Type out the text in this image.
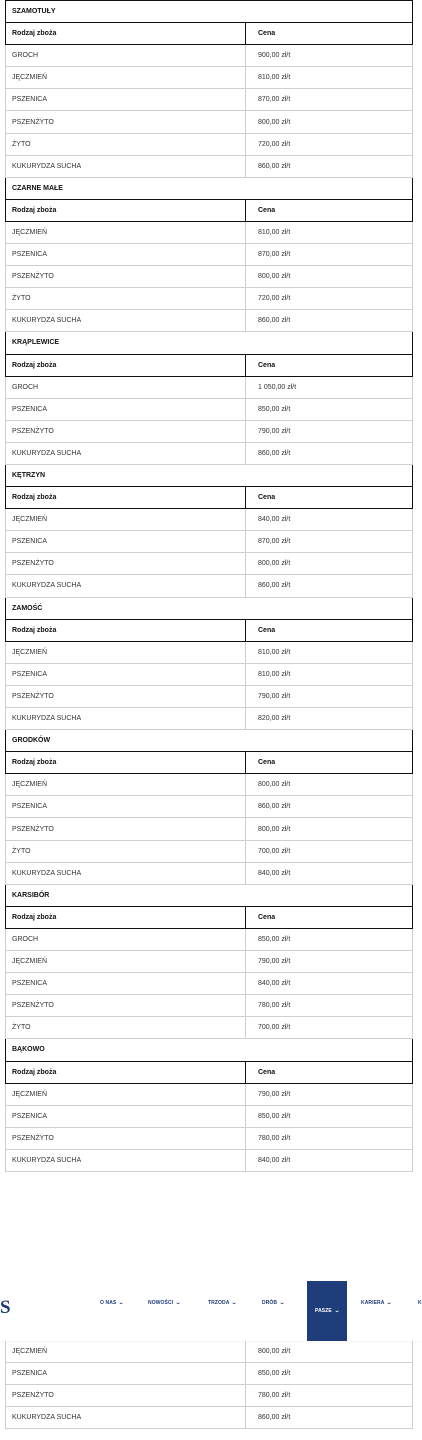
SZAMOTUŁY	
Rodzaj zboża	Cena
GROCH	900,00 zł/t
JĘCZMIEŃ	810,00 zł/t
PSZENICA	870,00 zł/t
PSZENŻYTO	800,00 zł/t
ŻYTO	720,00 zł/t
KUKURYDZA SUCHA	860,00 zł/t
CZARNE MAŁE	
Rodzaj zboża	Cena
JĘCZMIEŃ	810,00 zł/t
PSZENICA	870,00 zł/t
PSZENŻYTO	800,00 zł/t
ŻYTO	720,00 zł/t
KUKURYDZA SUCHA	860,00 zł/t
KRĄPLEWICE	
Rodzaj zboża	Cena
GROCH	1 050,00 zł/t
PSZENICA	850,00 zł/t
PSZENŻYTO	790,00 zł/t
KUKURYDZA SUCHA	860,00 zł/t
KĘTRZYN	
Rodzaj zboża	Cena
JĘCZMIEŃ	840,00 zł/t
PSZENICA	870,00 zł/t
PSZENŻYTO	800,00 zł/t
KUKURYDZA SUCHA	860,00 zł/t
ZAMOŚĆ	
Rodzaj zboża	Cena
JĘCZMIEŃ	810,00 zł/t
PSZENICA	810,00 zł/t
PSZENŻYTO	790,00 zł/t
KUKURYDZA SUCHA	820,00 zł/t
GRODKÓW	
Rodzaj zboża	Cena
JĘCZMIEŃ	800,00 zł/t
PSZENICA	860,00 zł/t
PSZENŻYTO	800,00 zł/t
ŻYTO	700,00 zł/t
KUKURYDZA SUCHA	840,00 zł/t
KARSIBÓR	
Rodzaj zboża	Cena
GROCH	850,00 zł/t
JĘCZMIEŃ	790,00 zł/t
PSZENICA	840,00 zł/t
PSZENŻYTO	780,00 zł/t
ŻYTO	700,00 zł/t
BĄKOWO	
Rodzaj zboża	Cena
JĘCZMIEŃ	790,00 zł/t
PSZENICA	850,00 zł/t
PSZENŻYTO	780,00 zł/t
KUKURYDZA SUCHA	840,00 zł/t
JĘCZMIEŃ	800,00 zł/t
PSZENICA	850,00 zł/t
PSZENŻYTO	780,00 zł/t
KUKURYDZA SUCHA	860,00 zł/t
S	O NAS ⌄	NOWOŚCI ⌄	TRZODA ⌄	DRÓB ⌄
PASZE ⌄
KARIERA ⌄	K
